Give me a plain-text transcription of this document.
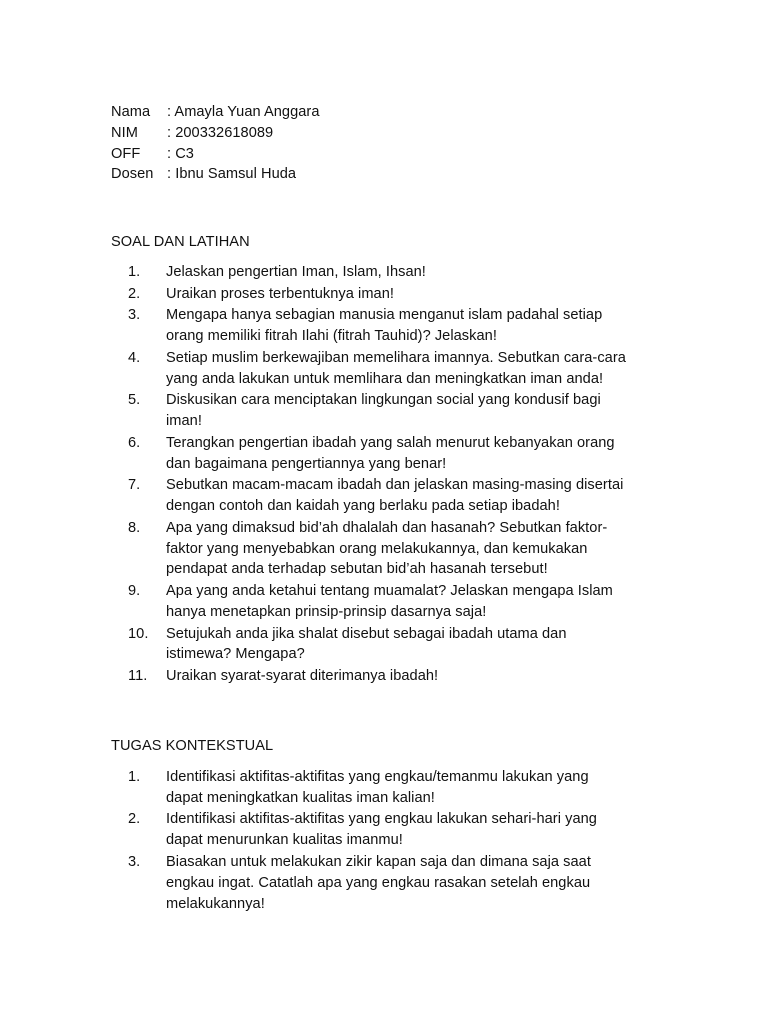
Nama	: Amayla Yuan Anggara
NIM	: 200332618089
OFF	: C3
Dosen : Ibnu Samsul Huda
SOAL DAN LATIHAN
1.	Jelaskan pengertian Iman, Islam, Ihsan!
2.	Uraikan proses terbentuknya iman!
3.	Mengapa hanya sebagian manusia menganut islam padahal setiap
orang memiliki fitrah Ilahi (fitrah Tauhid)? Jelaskan!
4.	Setiap muslim berkewajiban memelihara imannya. Sebutkan cara-cara
yang anda lakukan untuk memlihara dan meningkatkan iman anda!
5.	Diskusikan cara menciptakan lingkungan social yang kondusif bagi
iman!
6.	Terangkan pengertian ibadah yang salah menurut kebanyakan orang
dan bagaimana pengertiannya yang benar!
7.	Sebutkan macam-macam ibadah dan jelaskan masing-masing disertai
dengan contoh dan kaidah yang berlaku pada setiap ibadah!
8.	Apa yang dimaksud bid’ah dhalalah dan hasanah? Sebutkan faktor-
faktor yang menyebabkan orang melakukannya, dan kemukakan
pendapat anda terhadap sebutan bid’ah hasanah tersebut!
9.	Apa yang anda ketahui tentang muamalat? Jelaskan mengapa Islam
hanya menetapkan prinsip-prinsip dasarnya saja!
10.	Setujukah anda jika shalat disebut sebagai ibadah utama dan
istimewa? Mengapa?
11.	Uraikan syarat-syarat diterimanya ibadah!
TUGAS KONTEKSTUAL
1.	Identifikasi aktifitas-aktifitas yang engkau/temanmu lakukan yang
dapat meningkatkan kualitas iman kalian!
2.	Identifikasi aktifitas-aktifitas yang engkau lakukan sehari-hari yang
dapat menurunkan kualitas imanmu!
3.	Biasakan untuk melakukan zikir kapan saja dan dimana saja saat
engkau ingat. Catatlah apa yang engkau rasakan setelah engkau
melakukannya!
